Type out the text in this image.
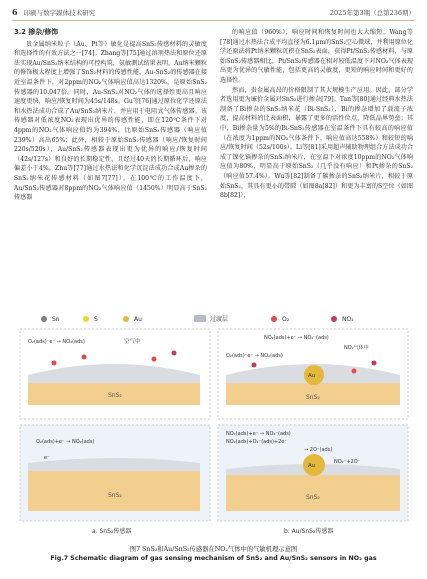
6 印刷与数字媒体技术研究	2025年第3期（总第236期）
3.2 掺杂/修饰

贵金属纳米粒子（Au、Pt等）敏化是提高SnS₂传感材料的灵敏度和选择性的有效方法之一[74]。Zhang等[75]通过溶剂热法和原位还原法实现Au/SnS₂纳米结构的可控构筑，氨敏测试结果表明，Au纳米颗粒的修饰极大程度上增强了SnS₂材料的传感性能，Au-SnS₂的传感器在接近室温条件下，对2ppm的NO₂气体响应值高达1320%，是原始SnS₂传感器的10.047倍。同时，Au-SnS₂对NO₂气体的选择性更高且响应速度更快，响应/恢复时间为45s/148s。Gu等[76]通过原位化学还原法和水热法成功合成了Au/SnS₂纳米片，并应用于电阻式气体传感器。该传感器对低浓度NO₂表现出优异的传感性能，即在120℃条件下对4ppm的NO₂气体响应值约为394%，比原始SnS₂传感器（响应值239%）高出65%；此外，相较于原始SnS₂传感器（响应/恢复时间220s/520s），Au/SnS₂传感器表现出更为优异的响应/恢复时间（42s/127s）和良好的长期稳定性，且经过40天的长期循环后，响应偏差小于4%。Zhu等[77]通过水热法和化学沉淀法成功合成Au掺杂的SnS₂纳米花传感材料（如图7[77]），在100℃的工作温度下，Au/SnS₂传感器对8ppm的NO₂气体响应值（1450%）明显高于SnS₂传感器

的响应值（960%），响应时间和恢复时间也大大缩短。Wang等[78]通过水热法合成平均直径为6.1μm的SnS₂空心微球，并利用原位化学还原法将Pt纳米颗粒沉积在SnS₂表面，获得Pt/SnS₂传感材料，与原始SnS₂传感器相比，Pt/SnS₂传感器在相对较低温度下对NO₂气体表现出更为优异的气敏性能，包括更高的灵敏度、更短的响应时间和更好的选择性。

然而，贵金属高昂的价格限制了其大规模生产应用。因此，部分学者选用更为廉价金属对SnS₂进行掺杂[79]。Tan等[80]通过经典水热法制备了Bi掺杂的SnS₂纳米花（Bi-SnS₂），Bi的掺杂增加了载流子浓度，提高材料的比表面积，暴露了更多的活性位点，降低晶界势垒；其中，Bi掺杂量为5%的Bi-SnS₂传感器在室温条件下具有较高的响应值（在浓度为1ppm的NO₂气体条件下，响应值高达558%）和较短的响应/恢复时间（52s/100s）。Li等[81]采用超声辅助物理组合方法成功合成了镍化镉掺杂的SnS₂纳米片，在室温下对浓度10ppm的NO₂气体响应值为80%，明显高于原始SnS₂（几乎没有响应）和Pt掺杂的SnS₂（响应值57.4%）。Wu等[82]制备了碳掺杂的SnS₂纳米片，相较于原始SnS₂，其具有更小的带隙（如图8a[82]）和更为丰富的S空位（如图8b[82]），

Sn	S	Au	过渡层	O₂	NO₂
O₂(ads)⁻e⁻ → NO₂(ads)	空气中
SnS₂
NO₂(ads)+e⁻ → NO₂⁻(ads)
NO₂气体中
O₂(ads)⁻e⁻ → NO₂(ads)
Au
SnS₂
O₂(ads)+e⁻ → NO₂(ads)
SnS₂
e⁻
NO₂(ads)+e⁻ → NO₂⁻(ads)
NO₂(ads)+O₂⁻(ads)+2e⁻
→ 2O⁻(ads)
NO₂⁻+2O⁻
Au
SnS₂
a. SnS₂传感器	b. Au/SnS₂传感器
图7 SnS₂和Au/SnS₂传感器在NO₂气体中的气敏机理示意图
Fig.7 Schematic diagram of gas sensing mechanism of SnS₂ and Au/SnS₂ sensors in NO₂ gas
